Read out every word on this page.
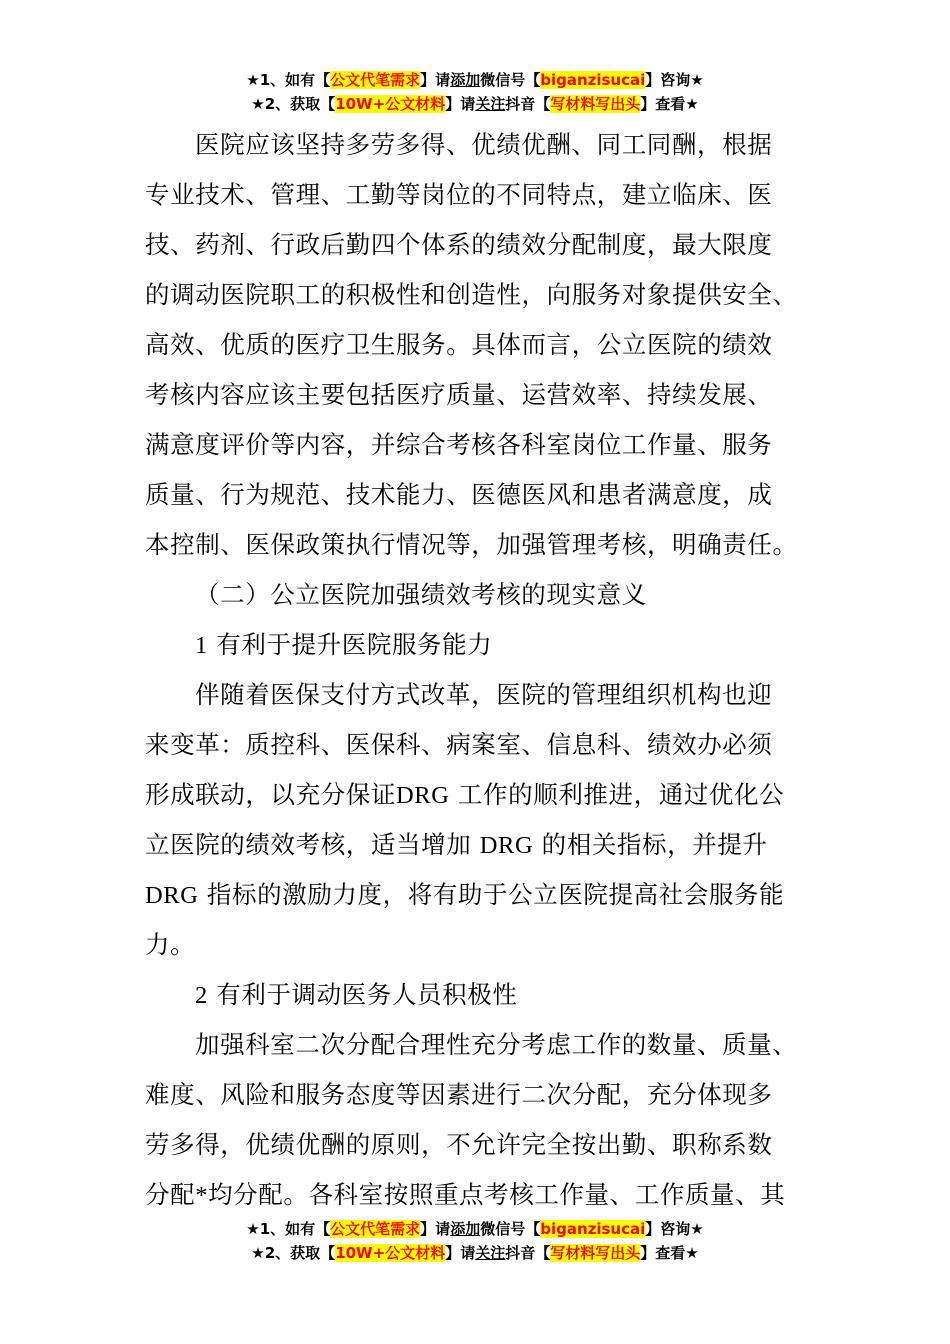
★1、如有【公文代笔需求】请添加微信号【biganzisucai】咨询★
★2、获取【10W+公文材料】请关注抖音【写材料写出头】查看★
医院应该坚持多劳多得、优绩优酬、同工同酬，根据
专业技术、管理、工勤等岗位的不同特点，建立临床、医
技、药剂、行政后勤四个体系的绩效分配制度，最大限度
的调动医院职工的积极性和创造性，向服务对象提供安全、
高效、优质的医疗卫生服务。具体而言，公立医院的绩效
考核内容应该主要包括医疗质量、运营效率、持续发展、
满意度评价等内容，并综合考核各科室岗位工作量、服务
质量、行为规范、技术能力、医德医风和患者满意度，成
本控制、医保政策执行情况等，加强管理考核，明确责任。
（二）公立医院加强绩效考核的现实意义
1 有利于提升医院服务能力
伴随着医保支付方式改革，医院的管理组织机构也迎
来变革：质控科、医保科、病案室、信息科、绩效办必须
形成联动，以充分保证DRG 工作的顺利推进，通过优化公
立医院的绩效考核，适当增加 DRG 的相关指标，并提升
DRG 指标的激励力度，将有助于公立医院提高社会服务能
力。
2 有利于调动医务人员积极性
加强科室二次分配合理性充分考虑工作的数量、质量、
难度、风险和服务态度等因素进行二次分配，充分体现多
劳多得，优绩优酬的原则，不允许完全按出勤、职称系数
分配*均分配。各科室按照重点考核工作量、工作质量、其
★1、如有【公文代笔需求】请添加微信号【biganzisucai】咨询★
★2、获取【10W+公文材料】请关注抖音【写材料写出头】查看★
